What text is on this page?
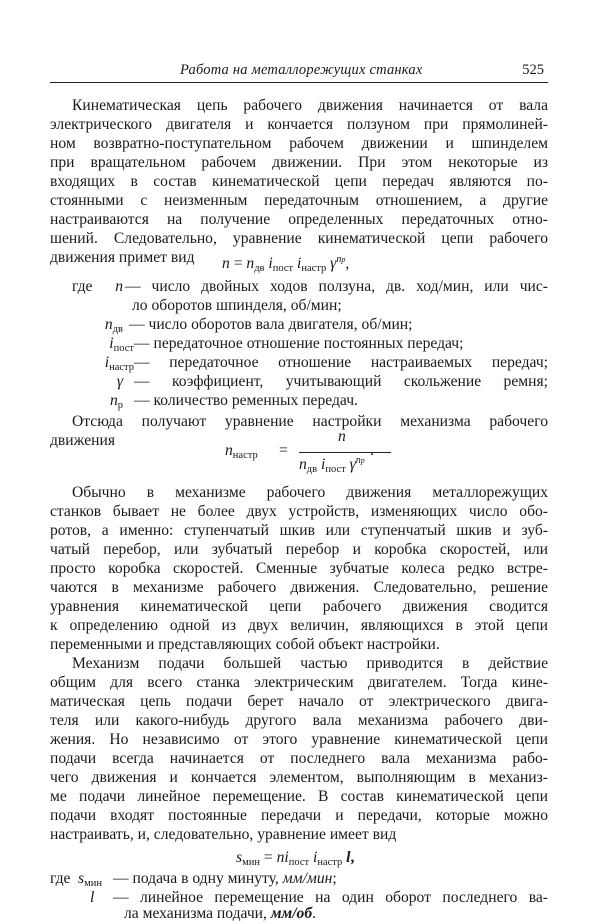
Работа на металлорежущих станках	525
Кинематическая цепь рабочего движения начинается от вала
электрического двигателя и кончается ползуном при прямолиней-
ном возвратно-поступательном рабочем движении и шпинделем
при вращательном рабочем движении. При этом некоторые из
входящих в состав кинематической цепи передач являются по-
стоянными с неизменным передаточным отношением, а другие
настраиваются на получение определенных передаточных отно-
шений. Следовательно, уравнение кинематической цепи рабочего
движения примет вид	$n = n_{дв}$ $i_{пост}$ $i_{настр}$ $\gamma^{nр}$,
где	n — число двойных ходов ползуна, дв. ход/мин, или чис-
ло оборотов шпинделя, об/мин;
$n_{дв}$ — число оборотов вала двигателя, об/мин;
$i_{пост}$ — передаточное отношение постоянных передач;
$i_{настр}$ — передаточное отношение настраиваемых передач;
γ — коэффициент, учитывающий скольжение ремня;
$n_р$ — количество ременных передач.
Отсюда получают уравнение настройки механизма рабочего
движения
$n_{настр}$ =
n
$n_{дв}$ $i_{пост}$ $\gamma^{nр}$
.
Обычно в механизме рабочего движения металлорежущих
станков бывает не более двух устройств, изменяющих число обо-
ротов, а именно: ступенчатый шкив или ступенчатый шкив и зуб-
чатый перебор, или зубчатый перебор и коробка скоростей, или
просто коробка скоростей. Сменные зубчатые колеса редко встре-
чаются в механизме рабочего движения. Следовательно, решение
уравнения кинематической цепи рабочего движения сводится
к определению одной из двух величин, являющихся в этой цепи
переменными и представляющих собой объект настройки.
Механизм подачи большей частью приводится в действие
общим для всего станка электрическим двигателем. Тогда кине-
матическая цепь подачи берет начало от электрического двига-
теля или какого-нибудь другого вала механизма рабочего дви-
жения. Но независимо от этого уравнение кинематической цепи
подачи всегда начинается от последнего вала механизма рабо-
чего движения и кончается элементом, выполняющим в механиз-
ме подачи линейное перемещение. В состав кинематической цепи
подачи входят постоянные передачи и передачи, которые можно
настраивать, и, следовательно, уравнение имеет вид
$s_{мин} = ni_{пост}$ $i_{настр}$ l,
где $s_{мин}$ — подача в одну минуту, мм/мин;
l — линейное перемещение на один оборот последнего ва-
ла механизма подачи, мм/об.
